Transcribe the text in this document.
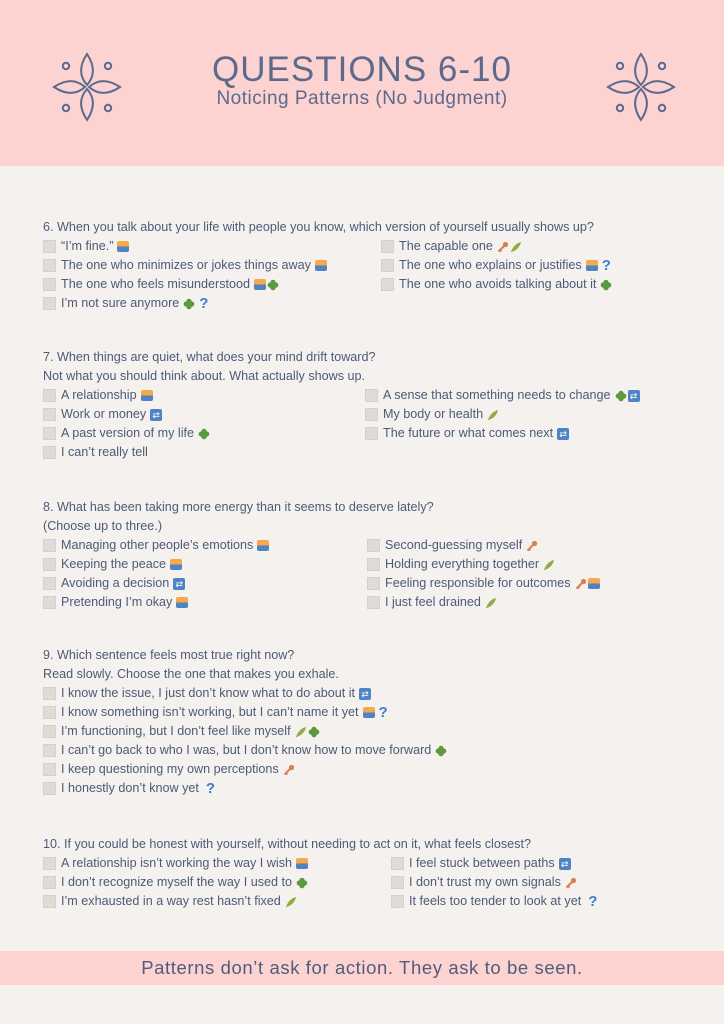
QUESTIONS 6-10
Noticing Patterns (No Judgment)

6. When you talk about your life with people you know, which version of yourself usually shows up?

“I’m fine.”	The capable one
The one who minimizes or jokes things away	The one who explains or justifies ?
The one who feels misunderstood	The one who avoids talking about it
I’m not sure anymore ?

7. When things are quiet, what does your mind drift toward?

Not what you should think about. What actually shows up.

A relationship	A sense that something needs to change ⇄
Work or money ⇄	My body or health
A past version of my life	The future or what comes next ⇄
I can’t really tell

8. What has been taking more energy than it seems to deserve lately?

(Choose up to three.)

Managing other people’s emotions	Second-guessing myself
Keeping the peace	Holding everything together
Avoiding a decision ⇄	Feeling responsible for outcomes
Pretending I’m okay	I just feel drained

9. Which sentence feels most true right now?

Read slowly. Choose the one that makes you exhale.

I know the issue, I just don’t know what to do about it ⇄
I know something isn’t working, but I can’t name it yet ?
I’m functioning, but I don’t feel like myself
I can’t go back to who I was, but I don’t know how to move forward
I keep questioning my own perceptions
I honestly don’t know yet ?

10. If you could be honest with yourself, without needing to act on it, what feels closest?

A relationship isn’t working the way I wish	I feel stuck between paths ⇄
I don’t recognize myself the way I used to	I don’t trust my own signals
I’m exhausted in a way rest hasn’t fixed	It feels too tender to look at yet ?
Patterns don’t ask for action. They ask to be seen.
